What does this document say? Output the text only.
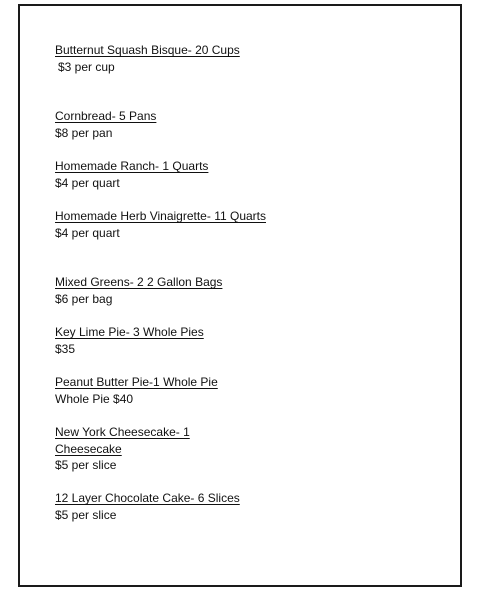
Butternut Squash Bisque- 20 Cups
$3 per cup
Cornbread- 5 Pans
$8 per pan
Homemade Ranch- 1 Quarts
$4 per quart
Homemade Herb Vinaigrette- 11 Quarts
$4 per quart
Mixed Greens- 2 2 Gallon Bags
$6 per bag
Key Lime Pie- 3 Whole Pies
$35
Peanut Butter Pie-1 Whole Pie
Whole Pie $40
New York Cheesecake- 1 Cheesecake
$5 per slice
12 Layer Chocolate Cake- 6 Slices
$5 per slice
